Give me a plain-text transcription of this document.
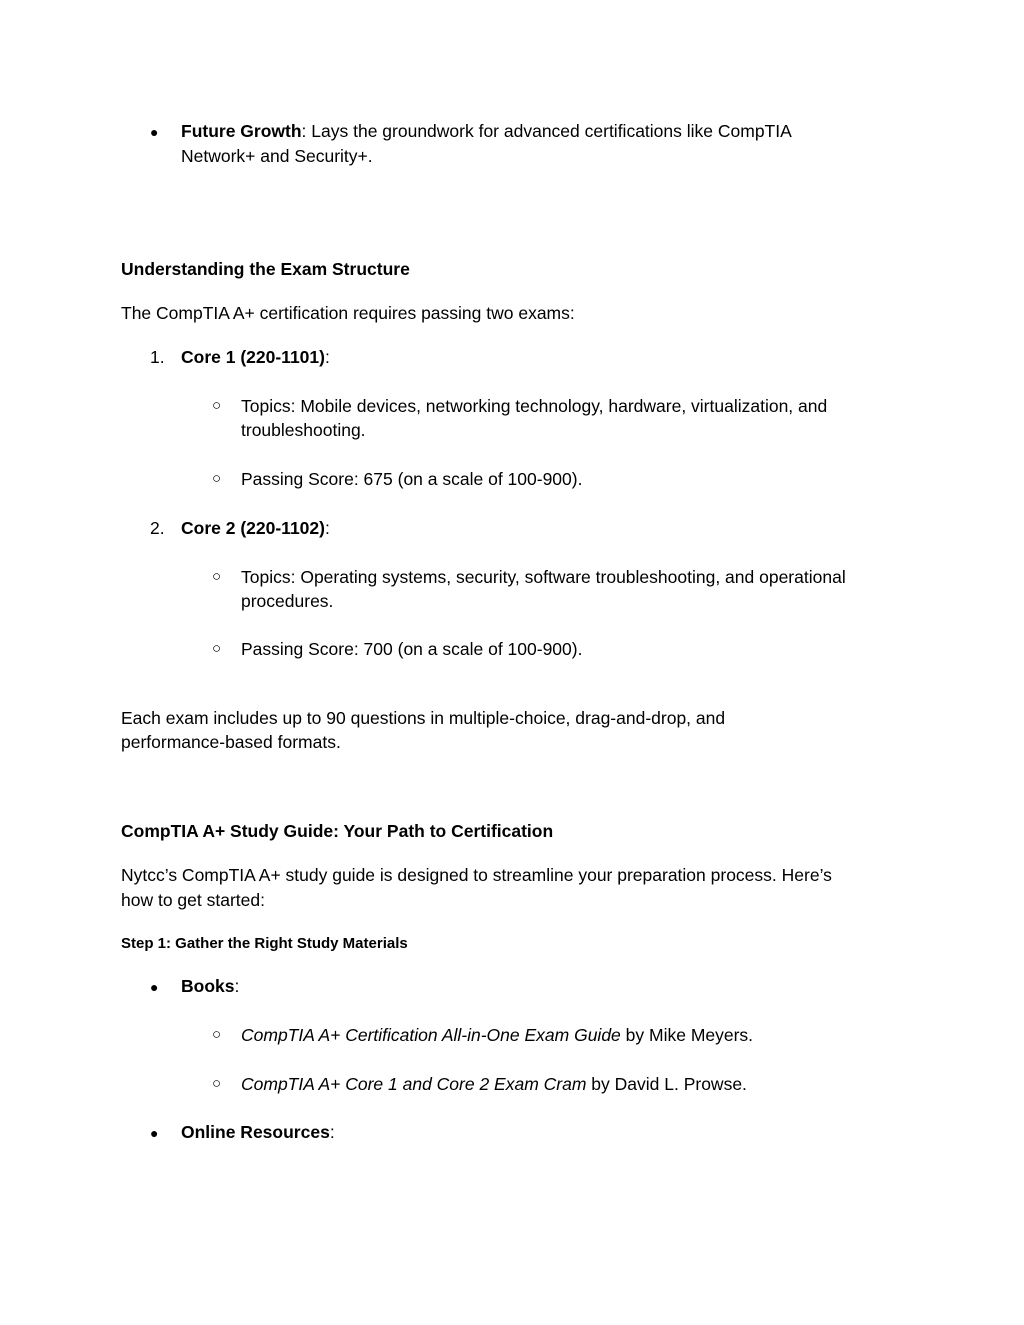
● Future Growth: Lays the groundwork for advanced certifications like CompTIA
Network+ and Security+.
Understanding the Exam Structure
The CompTIA A+ certification requires passing two exams:
1. Core 1 (220-1101):
○ Topics: Mobile devices, networking technology, hardware, virtualization, and
troubleshooting.
○ Passing Score: 675 (on a scale of 100-900).
2. Core 2 (220-1102):
○ Topics: Operating systems, security, software troubleshooting, and operational
procedures.
○ Passing Score: 700 (on a scale of 100-900).
Each exam includes up to 90 questions in multiple-choice, drag-and-drop, and
performance-based formats.
CompTIA A+ Study Guide: Your Path to Certification
Nytcc’s CompTIA A+ study guide is designed to streamline your preparation process. Here’s
how to get started:
Step 1: Gather the Right Study Materials
● Books:
○ CompTIA A+ Certification All-in-One Exam Guide by Mike Meyers.
○ CompTIA A+ Core 1 and Core 2 Exam Cram by David L. Prowse.
● Online Resources:
